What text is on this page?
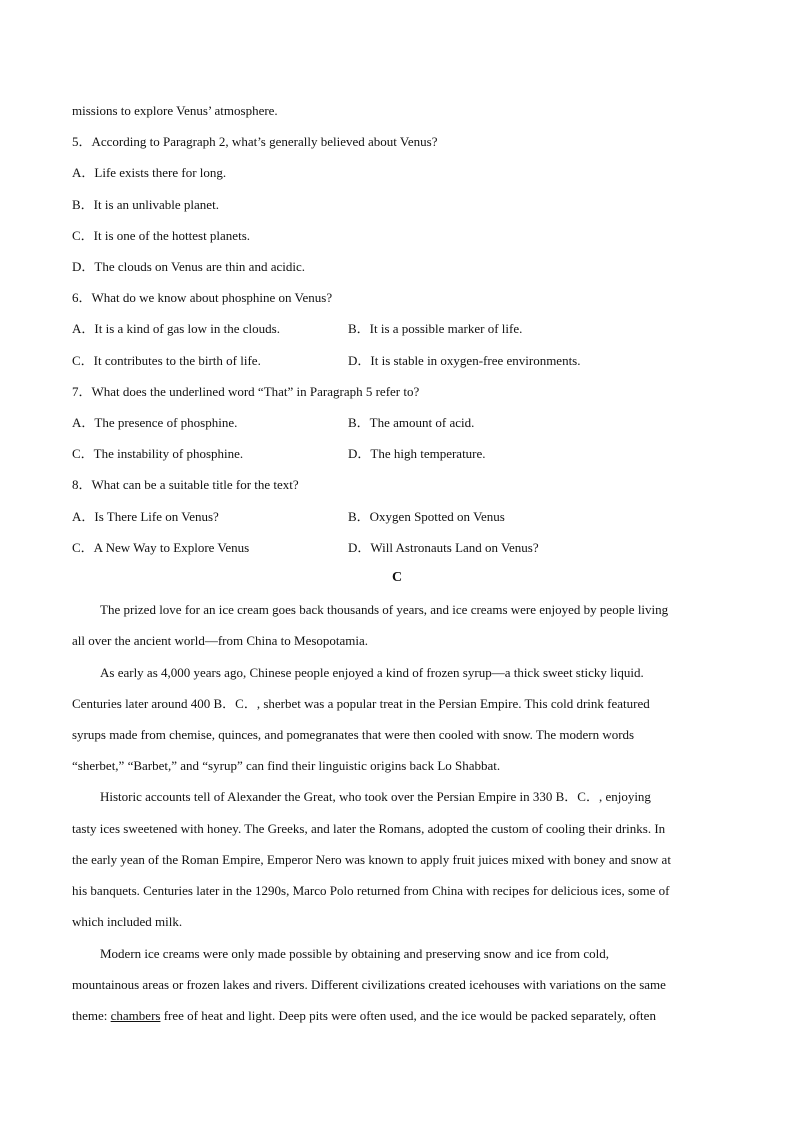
missions to explore Venus’ atmosphere.
5．According to Paragraph 2, what’s generally believed about Venus?
A．Life exists there for long.
B．It is an unlivable planet.
C．It is one of the hottest planets.
D．The clouds on Venus are thin and acidic.
6．What do we know about phosphine on Venus?
A．It is a kind of gas low in the clouds.	B．It is a possible marker of life.
C．It contributes to the birth of life.	D．It is stable in oxygen-free environments.
7．What does the underlined word “That” in Paragraph 5 refer to?
A．The presence of phosphine.	B．The amount of acid.
C．The instability of phosphine.	D．The high temperature.
8．What can be a suitable title for the text?
A．Is There Life on Venus?	B．Oxygen Spotted on Venus
C．A New Way to Explore Venus	D．Will Astronauts Land on Venus?
C
The prized love for an ice cream goes back thousands of years, and ice creams were enjoyed by people living
all over the ancient world—from China to Mesopotamia.
As early as 4,000 years ago, Chinese people enjoyed a kind of frozen syrup—a thick sweet sticky liquid.
Centuries later around 400 B．C．, sherbet was a popular treat in the Persian Empire. This cold drink featured
syrups made from chemise, quinces, and pomegranates that were then cooled with snow. The modern words
“sherbet,” “Barbet,” and “syrup” can find their linguistic origins back Lo Shabbat.
Historic accounts tell of Alexander the Great, who took over the Persian Empire in 330 B．C．, enjoying
tasty ices sweetened with honey. The Greeks, and later the Romans, adopted the custom of cooling their drinks. In
the early yean of the Roman Empire, Emperor Nero was known to apply fruit juices mixed with boney and snow at
his banquets. Centuries later in the 1290s, Marco Polo returned from China with recipes for delicious ices, some of
which included milk.
Modern ice creams were only made possible by obtaining and preserving snow and ice from cold,
mountainous areas or frozen lakes and rivers. Different civilizations created icehouses with variations on the same
theme: chambers free of heat and light. Deep pits were often used, and the ice would be packed separately, often
